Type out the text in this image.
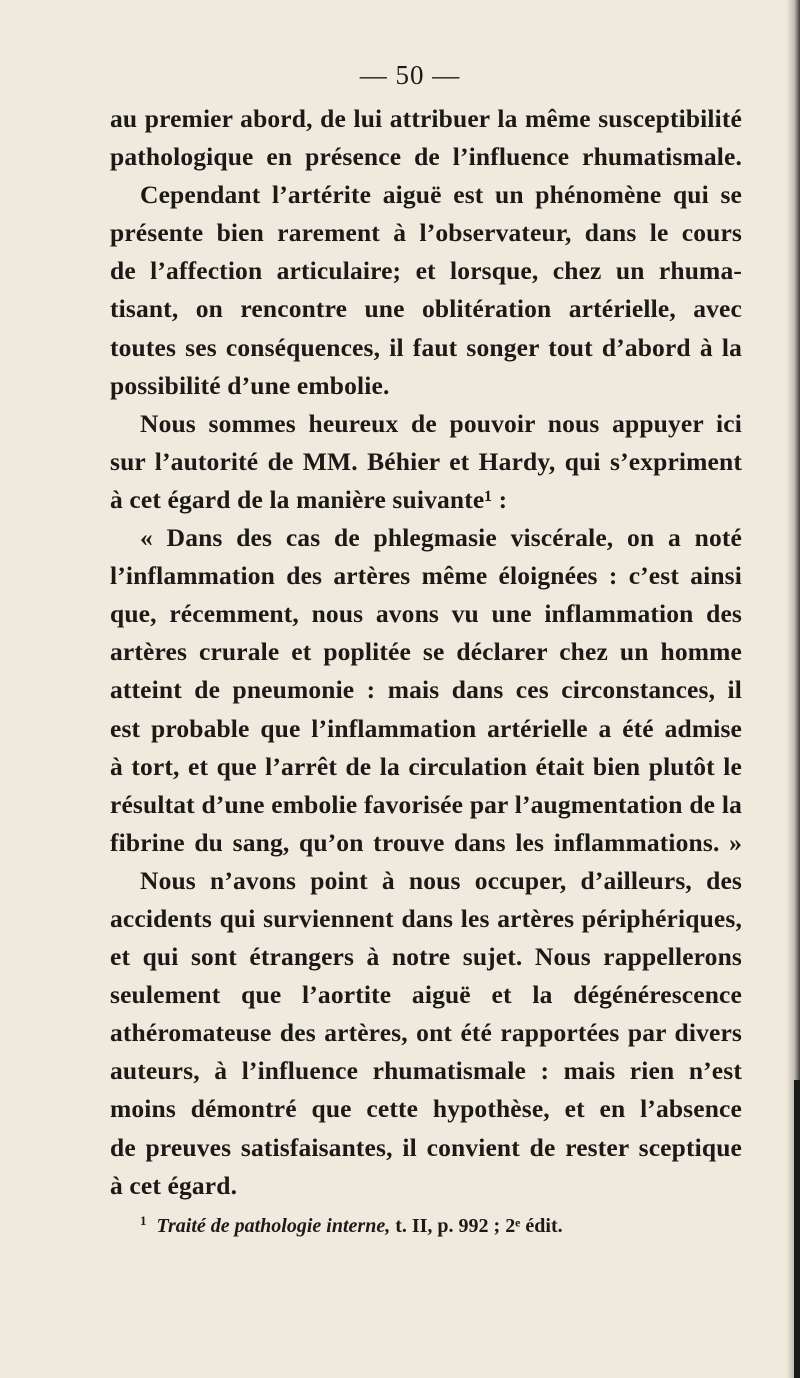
— 50 —
au premier abord, de lui attribuer la même susceptibilité
pathologique en présence de l’influence rhumatismale.
Cependant l’artérite aiguë est un phénomène qui se
présente bien rarement à l’observateur, dans le cours
de l’affection articulaire; et lorsque, chez un rhuma-
tisant, on rencontre une oblitération artérielle, avec
toutes ses conséquences, il faut songer tout d’abord à la
possibilité d’une embolie.
Nous sommes heureux de pouvoir nous appuyer ici
sur l’autorité de MM. Béhier et Hardy, qui s’expriment
à cet égard de la manière suivante¹ :
« Dans des cas de phlegmasie viscérale, on a noté
l’inflammation des artères même éloignées : c’est ainsi
que, récemment, nous avons vu une inflammation des
artères crurale et poplitée se déclarer chez un homme
atteint de pneumonie : mais dans ces circonstances, il
est probable que l’inflammation artérielle a été admise
à tort, et que l’arrêt de la circulation était bien plutôt le
résultat d’une embolie favorisée par l’augmentation de la
fibrine du sang, qu’on trouve dans les inflammations. »
Nous n’avons point à nous occuper, d’ailleurs, des
accidents qui surviennent dans les artères périphériques,
et qui sont étrangers à notre sujet. Nous rappellerons
seulement que l’aortite aiguë et la dégénérescence
athéromateuse des artères, ont été rapportées par divers
auteurs, à l’influence rhumatismale : mais rien n’est
moins démontré que cette hypothèse, et en l’absence
de preuves satisfaisantes, il convient de rester sceptique
à cet égard.
$^1$ Traité de pathologie interne, t. II, p. 992 ; 2ᵉ édit.
